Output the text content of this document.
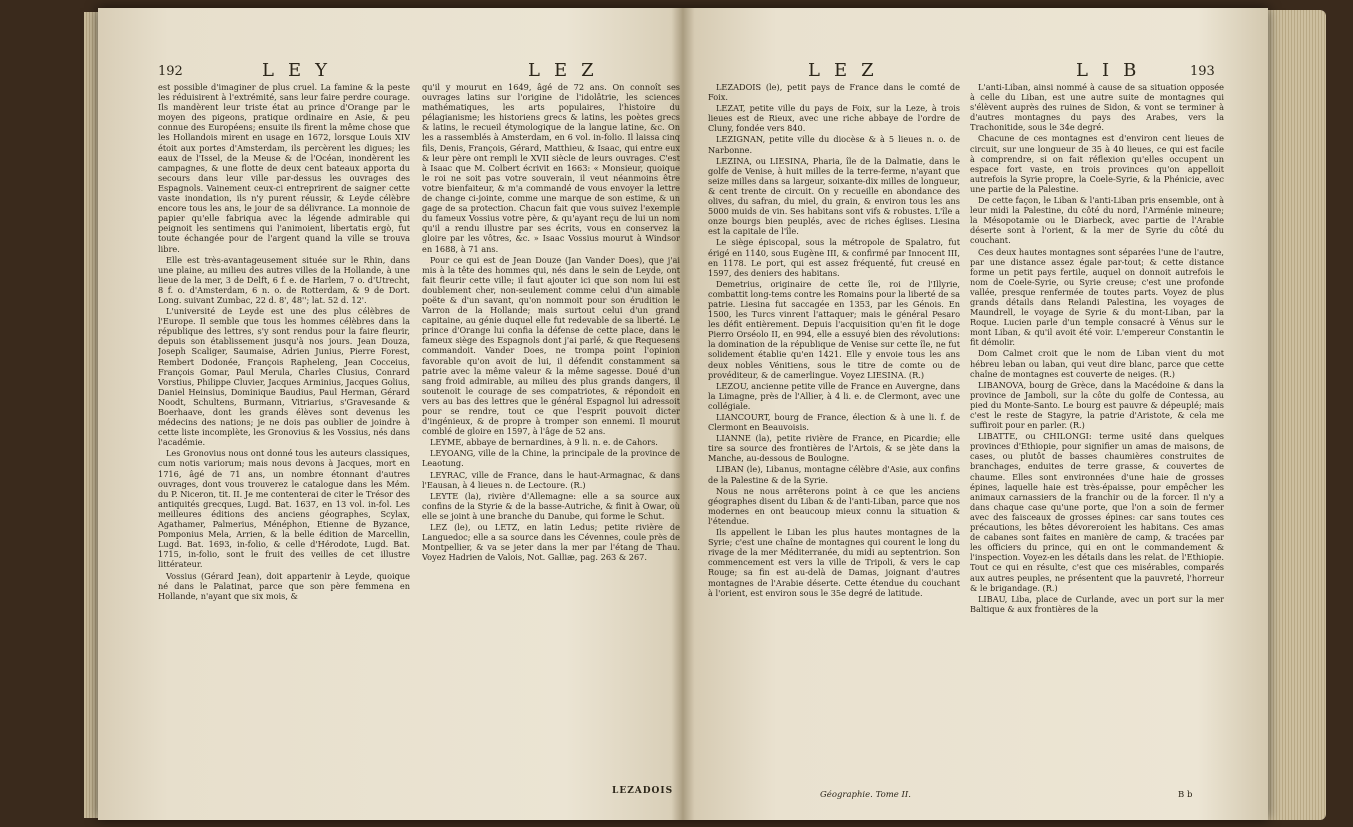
192	LEY	LEZ

est possible d'imaginer de plus cruel. La famine & la peste les réduisirent à l'extrémité, sans leur faire perdre courage. Ils mandèrent leur triste état au prince d'Orange par le moyen des pigeons, pratique ordinaire en Asie, & peu connue des Européens; ensuite ils firent la même chose que les Hollandois mirent en usage en 1672, lorsque Louis XIV étoit aux portes d'Amsterdam, ils percèrent les digues; les eaux de l'Issel, de la Meuse & de l'Océan, inondèrent les campagnes, & une flotte de deux cent bateaux apporta du secours dans leur ville par-dessus les ouvrages des Espagnols. Vainement ceux-ci entreprirent de saigner cette vaste inondation, ils n'y purent réussir, & Leyde célèbre encore tous les ans, le jour de sa délivrance. La monnoie de papier qu'elle fabriqua avec la légende admirable qui peignoit les sentimens qui l'animoient, libertatis ergò, fut toute échangée pour de l'argent quand la ville se trouva libre.

Elle est très-avantageusement située sur le Rhin, dans une plaine, au milieu des autres villes de la Hollande, à une lieue de la mer, 3 de Delft, 6 f. e. de Harlem, 7 o. d'Utrecht, 8 f. o. d'Amsterdam, 6 n. o. de Rotterdam, & 9 de Dort. Long. suivant Zumbac, 22 d. 8', 48''; lat. 52 d. 12'.

L'université de Leyde est une des plus célèbres de l'Europe. Il semble que tous les hommes célèbres dans la république des lettres, s'y sont rendus pour la faire fleurir, depuis son établissement jusqu'à nos jours. Jean Douza, Joseph Scaliger, Saumaise, Adrien Junius, Pierre Forest, Rembert Dodonée, François Rapheleng, Jean Cocceius, François Gomar, Paul Merula, Charles Clusius, Conrard Vorstius, Philippe Cluvier, Jacques Arminius, Jacques Golius, Daniel Heinsius, Dominique Baudius, Paul Herman, Gérard Noodt, Schultens, Burmann, Vitriarius, s'Gravesande & Boerhaave, dont les grands élèves sont devenus les médecins des nations; je ne dois pas oublier de joindre à cette liste incomplète, les Gronovius & les Vossius, nés dans l'académie.

Les Gronovius nous ont donné tous les auteurs classiques, cum notis variorum; mais nous devons à Jacques, mort en 1716, âgé de 71 ans, un nombre étonnant d'autres ouvrages, dont vous trouverez le catalogue dans les Mém. du P. Niceron, tit. II. Je me contenterai de citer le Trésor des antiquités grecques, Lugd. Bat. 1637, en 13 vol. in-fol. Les meilleures éditions des anciens géographes, Scylax, Agathamer, Palmerius, Ménéphon, Etienne de Byzance, Pomponius Mela, Arrien, & la belle édition de Marcellin, Lugd. Bat. 1693, in-folio, & celle d'Hérodote, Lugd. Bat. 1715, in-folio, sont le fruit des veilles de cet illustre littérateur.

Vossius (Gérard Jean), doit appartenir à Leyde, quoique né dans le Palatinat, parce que son père femmena en Hollande, n'ayant que six mois, &

qu'il y mourut en 1649, âgé de 72 ans. On connoît ses ouvrages latins sur l'origine de l'idolâtrie, les sciences mathématiques, les arts populaires, l'histoire du pélagianisme; les historiens grecs & latins, les poètes grecs & latins, le recueil étymologique de la langue latine, &c. On les a rassemblés à Amsterdam, en 6 vol. in-folio. Il laissa cinq fils, Denis, François, Gérard, Matthieu, & Isaac, qui entre eux & leur père ont rempli le XVII siècle de leurs ouvrages. C'est à Isaac que M. Colbert écrivit en 1663: « Monsieur, quoique le roi ne soit pas votre souverain, il veut néanmoins être votre bienfaiteur, & m'a commandé de vous envoyer la lettre de change ci-jointe, comme une marque de son estime, & un gage de sa protection. Chacun fait que vous suivez l'exemple du fameux Vossius votre père, & qu'ayant reçu de lui un nom qu'il a rendu illustre par ses écrits, vous en conservez la gloire par les vôtres, &c. » Isaac Vossius mourut à Windsor en 1688, à 71 ans.

Pour ce qui est de Jean Douze (Jan Vander Does), que j'ai mis à la tête des hommes qui, nés dans le sein de Leyde, ont fait fleurir cette ville; il faut ajouter ici que son nom lui est doublement cher, non-seulement comme celui d'un aimable poëte & d'un savant, qu'on nommoit pour son érudition le Varron de la Hollande; mais surtout celui d'un grand capitaine, au génie duquel elle fut redevable de sa liberté. Le prince d'Orange lui confia la défense de cette place, dans le fameux siège des Espagnols dont j'ai parlé, & que Requesens commandoit. Vander Does, ne trompa point l'opinion favorable qu'on avoit de lui, il défendit constamment sa patrie avec la même valeur & la même sagesse. Doué d'un sang froid admirable, au milieu des plus grands dangers, il soutenoit le courage de ses compatriotes, & répondoit en vers au bas des lettres que le général Espagnol lui adressoit pour se rendre, tout ce que l'esprit pouvoit dicter d'ingénieux, & de propre à tromper son ennemi. Il mourut comblé de gloire en 1597, à l'âge de 52 ans.

LEYME, abbaye de bernardines, à 9 li. n. e. de Cahors.

LEYOANG, ville de la Chine, la principale de la province de Leaotung.

LEYRAC, ville de France, dans le haut-Armagnac, & dans l'Eausan, à 4 lieues n. de Lectoure. (R.)

LEYTE (la), rivière d'Allemagne: elle a sa source aux confins de la Styrie & de la basse-Autriche, & finit à Owar, où elle se joint à une branche du Danube, qui forme le Schut.

LEZ (le), ou LETZ, en latin Ledus; petite rivière de Languedoc; elle a sa source dans les Cévennes, coule près de Montpellier, & va se jeter dans la mer par l'étang de Thau. Voyez Hadrien de Valois, Not. Galliæ, pag. 263 & 267.

LEZADOIS
LEZ	LIB	193

LEZADOIS (le), petit pays de France dans le comté de Foix.

LEZAT, petite ville du pays de Foix, sur la Leze, à trois lieues est de Rieux, avec une riche abbaye de l'ordre de Cluny, fondée vers 840.

LEZIGNAN, petite ville du diocèse & à 5 lieues n. o. de Narbonne.

LEZINA, ou LIESINA, Pharia, île de la Dalmatie, dans le golfe de Venise, à huit milles de la terre-ferme, n'ayant que seize milles dans sa largeur, soixante-dix milles de longueur, & cent trente de circuit. On y recueille en abondance des olives, du safran, du miel, du grain, & environ tous les ans 5000 muids de vin. Ses habitans sont vifs & robustes. L'île a onze bourgs bien peuplés, avec de riches églises. Liesina est la capitale de l'île.

Le siège épiscopal, sous la métropole de Spalatro, fut érigé en 1140, sous Eugène III, & confirmé par Innocent III, en 1178. Le port, qui est assez fréquenté, fut creusé en 1597, des deniers des habitans.

Demetrius, originaire de cette île, roi de l'Illyrie, combattit long-tems contre les Romains pour la liberté de sa patrie. Liesina fut saccagée en 1353, par les Génois. En 1500, les Turcs vinrent l'attaquer; mais le général Pesaro les défit entièrement. Depuis l'acquisition qu'en fit le doge Pierro Orséolo II, en 994, elle a essuyé bien des révolutions: la domination de la république de Venise sur cette île, ne fut solidement établie qu'en 1421. Elle y envoie tous les ans deux nobles Vénitiens, sous le titre de comte ou de provéditeur, & de camerlingue. Voyez LIESINA. (R.)

LEZOU, ancienne petite ville de France en Auvergne, dans la Limagne, près de l'Allier, à 4 li. e. de Clermont, avec une collégiale.

LIANCOURT, bourg de France, élection & à une li. f. de Clermont en Beauvoisis.

LIANNE (la), petite rivière de France, en Picardie; elle tire sa source des frontières de l'Artois, & se jète dans la Manche, au-dessous de Boulogne.

LIBAN (le), Libanus, montagne célèbre d'Asie, aux confins de la Palestine & de la Syrie.

Nous ne nous arrêterons point à ce que les anciens géographes disent du Liban & de l'anti-Liban, parce que nos modernes en ont beaucoup mieux connu la situation & l'étendue.

Ils appellent le Liban les plus hautes montagnes de la Syrie; c'est une chaîne de montagnes qui courent le long du rivage de la mer Méditerranée, du midi au septentrion. Son commencement est vers la ville de Tripoli, & vers le cap Rouge; sa fin est au-delà de Damas, joignant d'autres montagnes de l'Arabie déserte. Cette étendue du couchant à l'orient, est environ sous le 35e degré de latitude.

L'anti-Liban, ainsi nommé à cause de sa situation opposée à celle du Liban, est une autre suite de montagnes qui s'élèvent auprès des ruines de Sidon, & vont se terminer à d'autres montagnes du pays des Arabes, vers la Trachonitide, sous le 34e degré.

Chacune de ces montagnes est d'environ cent lieues de circuit, sur une longueur de 35 à 40 lieues, ce qui est facile à comprendre, si on fait réflexion qu'elles occupent un espace fort vaste, en trois provinces qu'on appelloit autrefois la Syrie propre, la Coele-Syrie, & la Phénicie, avec une partie de la Palestine.

De cette façon, le Liban & l'anti-Liban pris ensemble, ont à leur midi la Palestine, du côté du nord, l'Arménie mineure; la Mésopotamie ou le Diarbeck, avec partie de l'Arabie déserte sont à l'orient, & la mer de Syrie du côté du couchant.

Ces deux hautes montagnes sont séparées l'une de l'autre, par une distance assez égale par-tout; & cette distance forme un petit pays fertile, auquel on donnoit autrefois le nom de Coele-Syrie, ou Syrie creuse; c'est une profonde vallée, presque renfermée de toutes parts. Voyez de plus grands détails dans Relandi Palestina, les voyages de Maundrell, le voyage de Syrie & du mont-Liban, par la Roque. Lucien parle d'un temple consacré à Vénus sur le mont Liban, & qu'il avoit été voir. L'empereur Constantin le fit démolir.

Dom Calmet croit que le nom de Liban vient du mot hébreu leban ou laban, qui veut dire blanc, parce que cette chaîne de montagnes est couverte de neiges. (R.)

LIBANOVA, bourg de Grèce, dans la Macédoine & dans la province de Jamboli, sur la côte du golfe de Contessa, au pied du Monte-Santo. Le bourg est pauvre & dépeuplé; mais c'est le reste de Stagyre, la patrie d'Aristote, & cela me suffiroit pour en parler. (R.)

LIBATTE, ou CHILONGI: terme usité dans quelques provinces d'Ethiopie, pour signifier un amas de maisons, de cases, ou plutôt de basses chaumières construites de branchages, enduites de terre grasse, & couvertes de chaume. Elles sont environnées d'une haie de grosses épines, laquelle haie est très-épaisse, pour empêcher les animaux carnassiers de la franchir ou de la forcer. Il n'y a dans chaque case qu'une porte, que l'on a soin de fermer avec des faisceaux de grosses épines: car sans toutes ces précautions, les bêtes dévoreroient les habitans. Ces amas de cabanes sont faites en manière de camp, & tracées par les officiers du prince, qui en ont le commandement & l'inspection. Voyez-en les détails dans les relat. de l'Ethiopie. Tout ce qui en résulte, c'est que ces misérables, comparés aux autres peuples, ne présentent que la pauvreté, l'horreur & le brigandage. (R.)

LIBAU, Liba, place de Curlande, avec un port sur la mer Baltique & aux frontières de la

Géographie. Tome II.	B b
